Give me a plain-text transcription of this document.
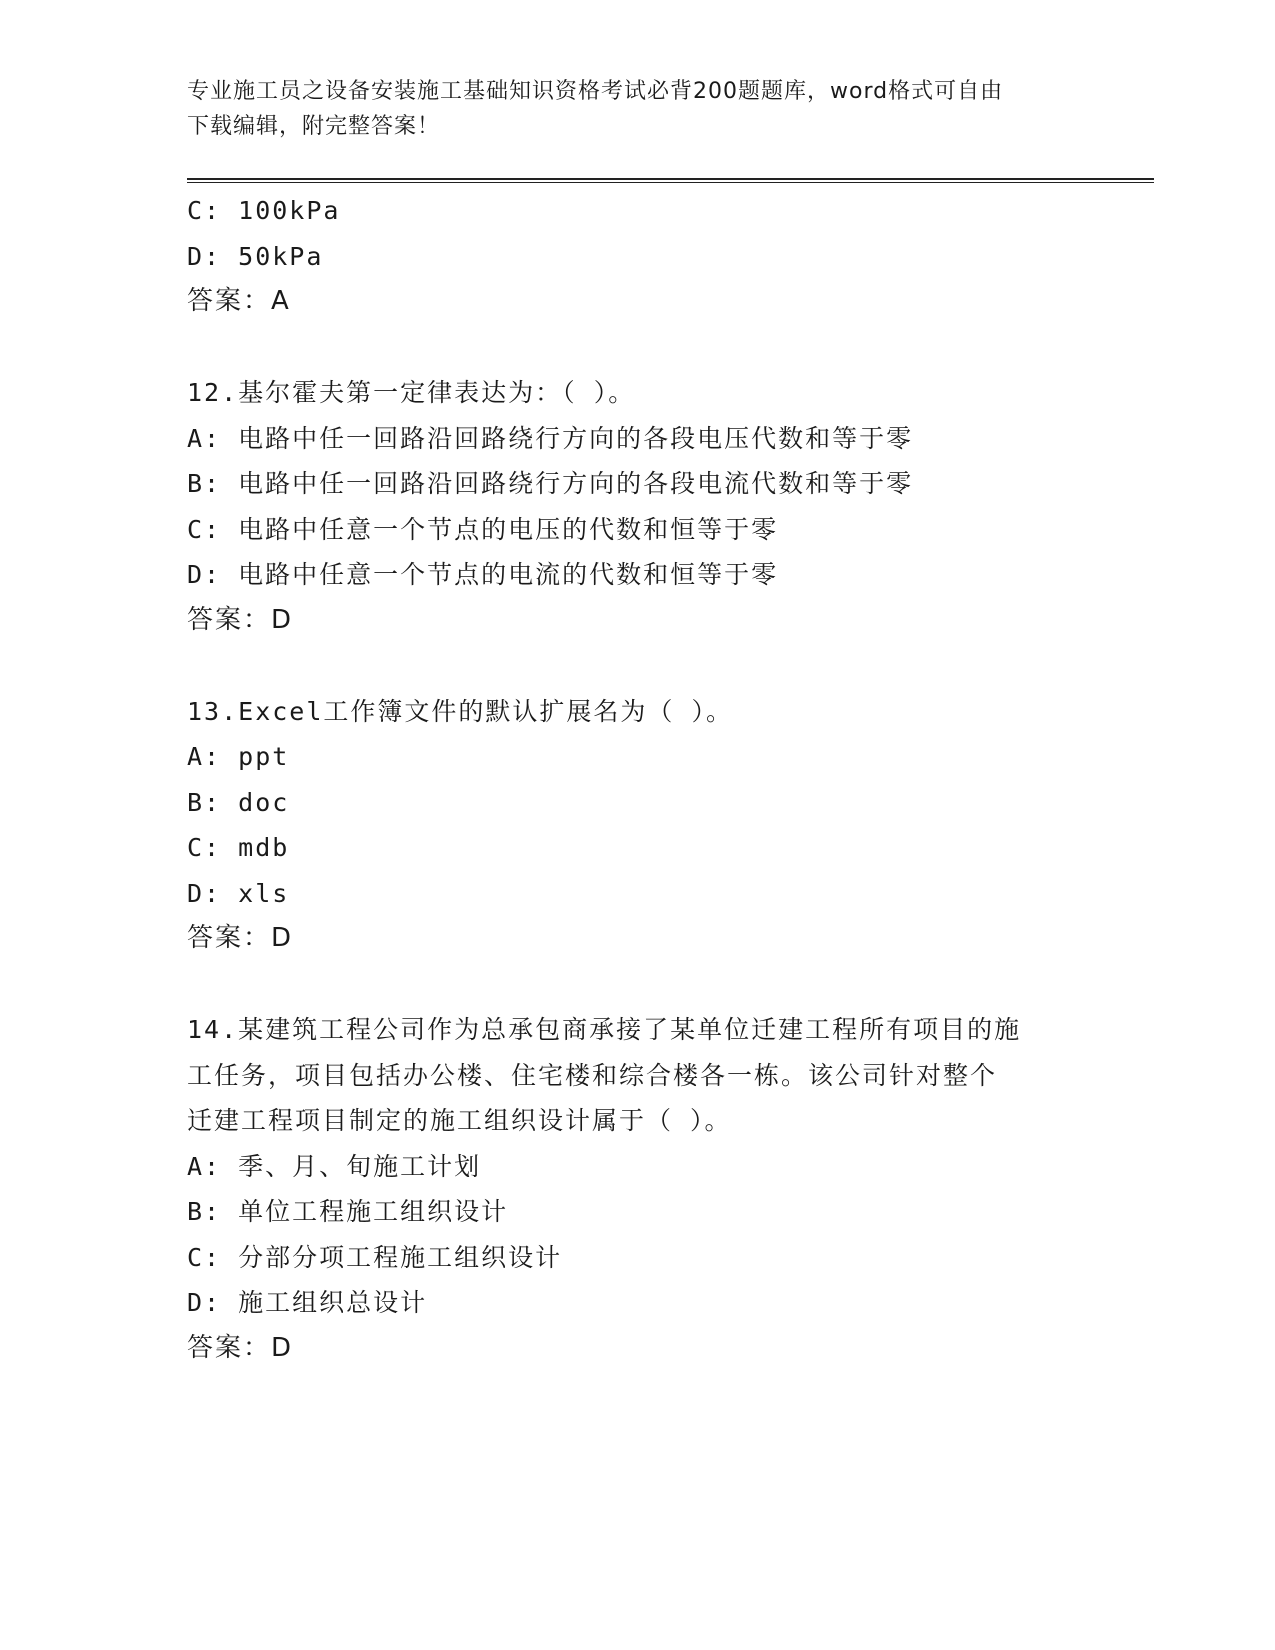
专业施工员之设备安装施工基础知识资格考试必背200题题库，word格式可自由
下载编辑，附完整答案！
C: 100kPa
D: 50kPa
答案：A
12.基尔霍夫第一定律表达为：（ ）。
A: 电路中任一回路沿回路绕行方向的各段电压代数和等于零
B: 电路中任一回路沿回路绕行方向的各段电流代数和等于零
C: 电路中任意一个节点的电压的代数和恒等于零
D: 电路中任意一个节点的电流的代数和恒等于零
答案：D
13.Excel工作簿文件的默认扩展名为（ ）。
A: ppt
B: doc
C: mdb
D: xls
答案：D
14.某建筑工程公司作为总承包商承接了某单位迁建工程所有项目的施
工任务，项目包括办公楼、住宅楼和综合楼各一栋。该公司针对整个
迁建工程项目制定的施工组织设计属于（ ）。
A: 季、月、旬施工计划
B: 单位工程施工组织设计
C: 分部分项工程施工组织设计
D: 施工组织总设计
答案：D
